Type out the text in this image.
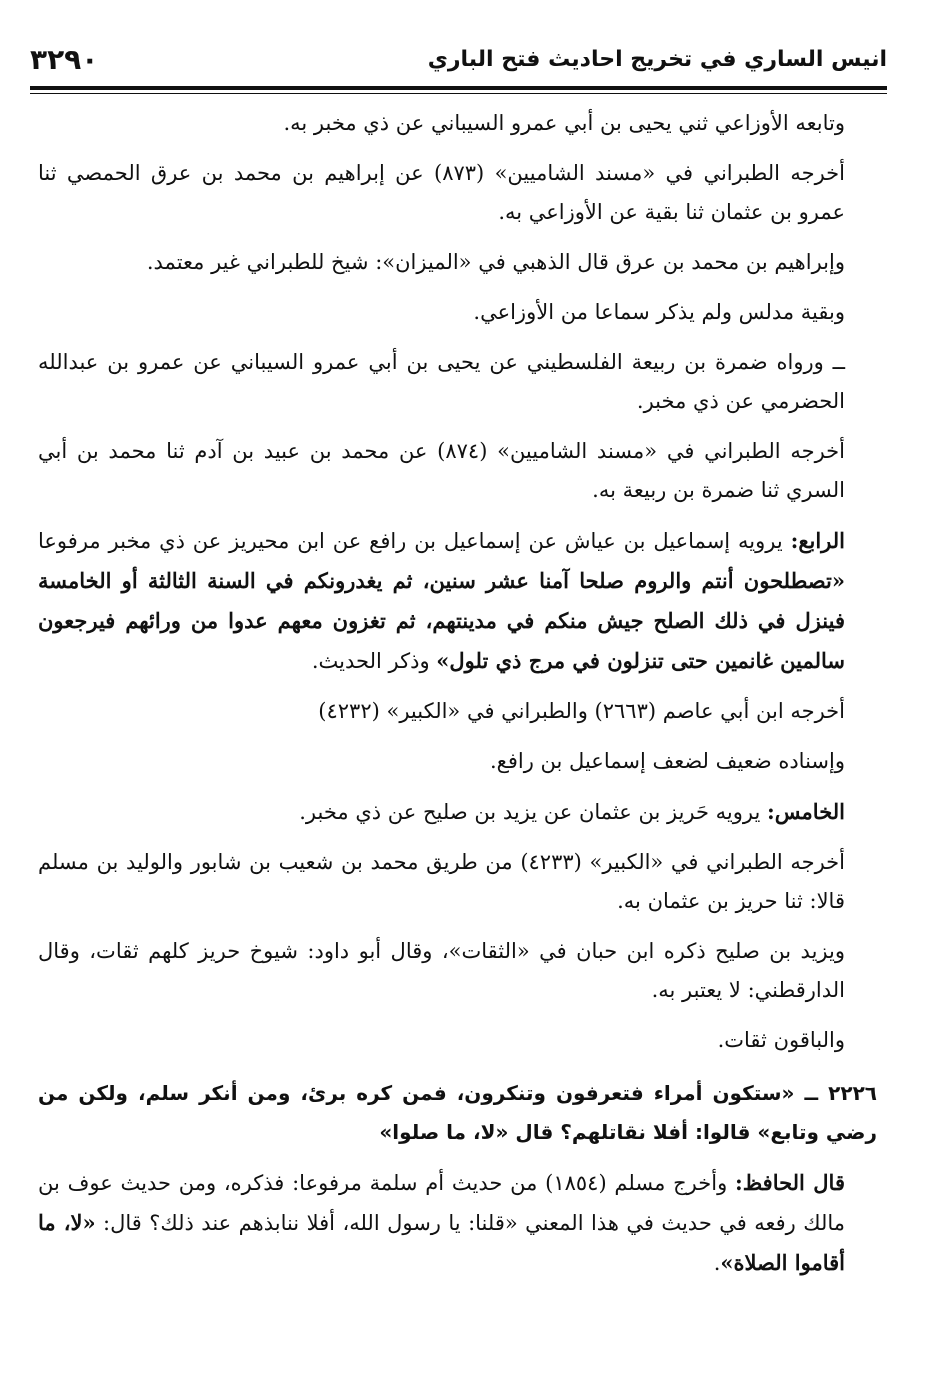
انيس الساري في تخريج احاديث فتح الباري
٣٢٩٠

وتابعه الأوزاعي ثني يحيى بن أبي عمرو السيباني عن ذي مخبر به.

أخرجه الطبراني في «مسند الشاميين» (٨٧٣) عن إبراهيم بن محمد بن عرق الحمصي ثنا عمرو بن عثمان ثنا بقية عن الأوزاعي به.

وإبراهيم بن محمد بن عرق قال الذهبي في «الميزان»: شيخ للطبراني غير معتمد.

وبقية مدلس ولم يذكر سماعا من الأوزاعي.

ــ ورواه ضمرة بن ربيعة الفلسطيني عن يحيى بن أبي عمرو السيباني عن عمرو بن عبدالله الحضرمي عن ذي مخبر.

أخرجه الطبراني في «مسند الشاميين» (٨٧٤) عن محمد بن عبيد بن آدم ثنا محمد بن أبي السري ثنا ضمرة بن ربيعة به.

الرابع: يرويه إسماعيل بن عياش عن إسماعيل بن رافع عن ابن محيريز عن ذي مخبر مرفوعا «تصطلحون أنتم والروم صلحا آمنا عشر سنين، ثم يغدرونكم في السنة الثالثة أو الخامسة فينزل في ذلك الصلح جيش منكم في مدينتهم، ثم تغزون معهم عدوا من ورائهم فيرجعون سالمين غانمين حتى تنزلون في مرج ذي تلول» وذكر الحديث.

أخرجه ابن أبي عاصم (٢٦٦٣) والطبراني في «الكبير» (٤٢٣٢)

وإسناده ضعيف لضعف إسماعيل بن رافع.

الخامس: يرويه حَريز بن عثمان عن يزيد بن صليح عن ذي مخبر.

أخرجه الطبراني في «الكبير» (٤٢٣٣) من طريق محمد بن شعيب بن شابور والوليد بن مسلم قالا: ثنا حريز بن عثمان به.

ويزيد بن صليح ذكره ابن حبان في «الثقات»، وقال أبو داود: شيوخ حريز كلهم ثقات، وقال الدارقطني: لا يعتبر به.

والباقون ثقات.

٢٢٢٦ ــ «ستكون أمراء فتعرفون وتنكرون، فمن كره برئ، ومن أنكر سلم، ولكن من رضي وتابع» قالوا: أفلا نقاتلهم؟ قال «لا، ما صلوا»

قال الحافظ: وأخرج مسلم (١٨٥٤) من حديث أم سلمة مرفوعا: فذكره، ومن حديث عوف بن مالك رفعه في حديث في هذا المعني «قلنا: يا رسول الله، أفلا ننابذهم عند ذلك؟ قال: «لا، ما أقاموا الصلاة».
